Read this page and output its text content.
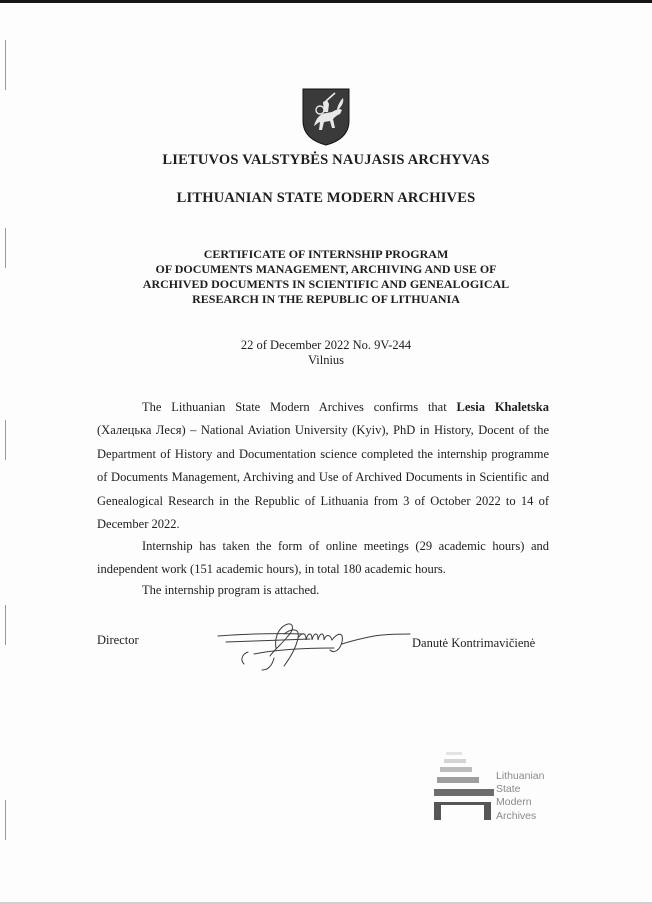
LIETUVOS VALSTYBĖS NAUJASIS ARCHYVAS
LITHUANIAN STATE MODERN ARCHIVES
CERTIFICATE OF INTERNSHIP PROGRAM
OF DOCUMENTS MANAGEMENT, ARCHIVING AND USE OF
ARCHIVED DOCUMENTS IN SCIENTIFIC AND GENEALOGICAL
RESEARCH IN THE REPUBLIC OF LITHUANIA
22 of December 2022 No. 9V-244
Vilnius

The Lithuanian State Modern Archives confirms that Lesia Khaletska (Халецька Леся) – National Aviation University (Kyiv), PhD in History, Docent of the Department of History and Documentation science completed the internship programme of Documents Management, Archiving and Use of Archived Documents in Scientific and Genealogical Research in the Republic of Lithuania from 3 of October 2022 to 14 of December 2022.

Internship has taken the form of online meetings (29 academic hours) and independent work (151 academic hours), in total 180 academic hours.

The internship program is attached.

Director	Danutė Kontrimavičienė
Lithuanian
State
Modern
Archives
